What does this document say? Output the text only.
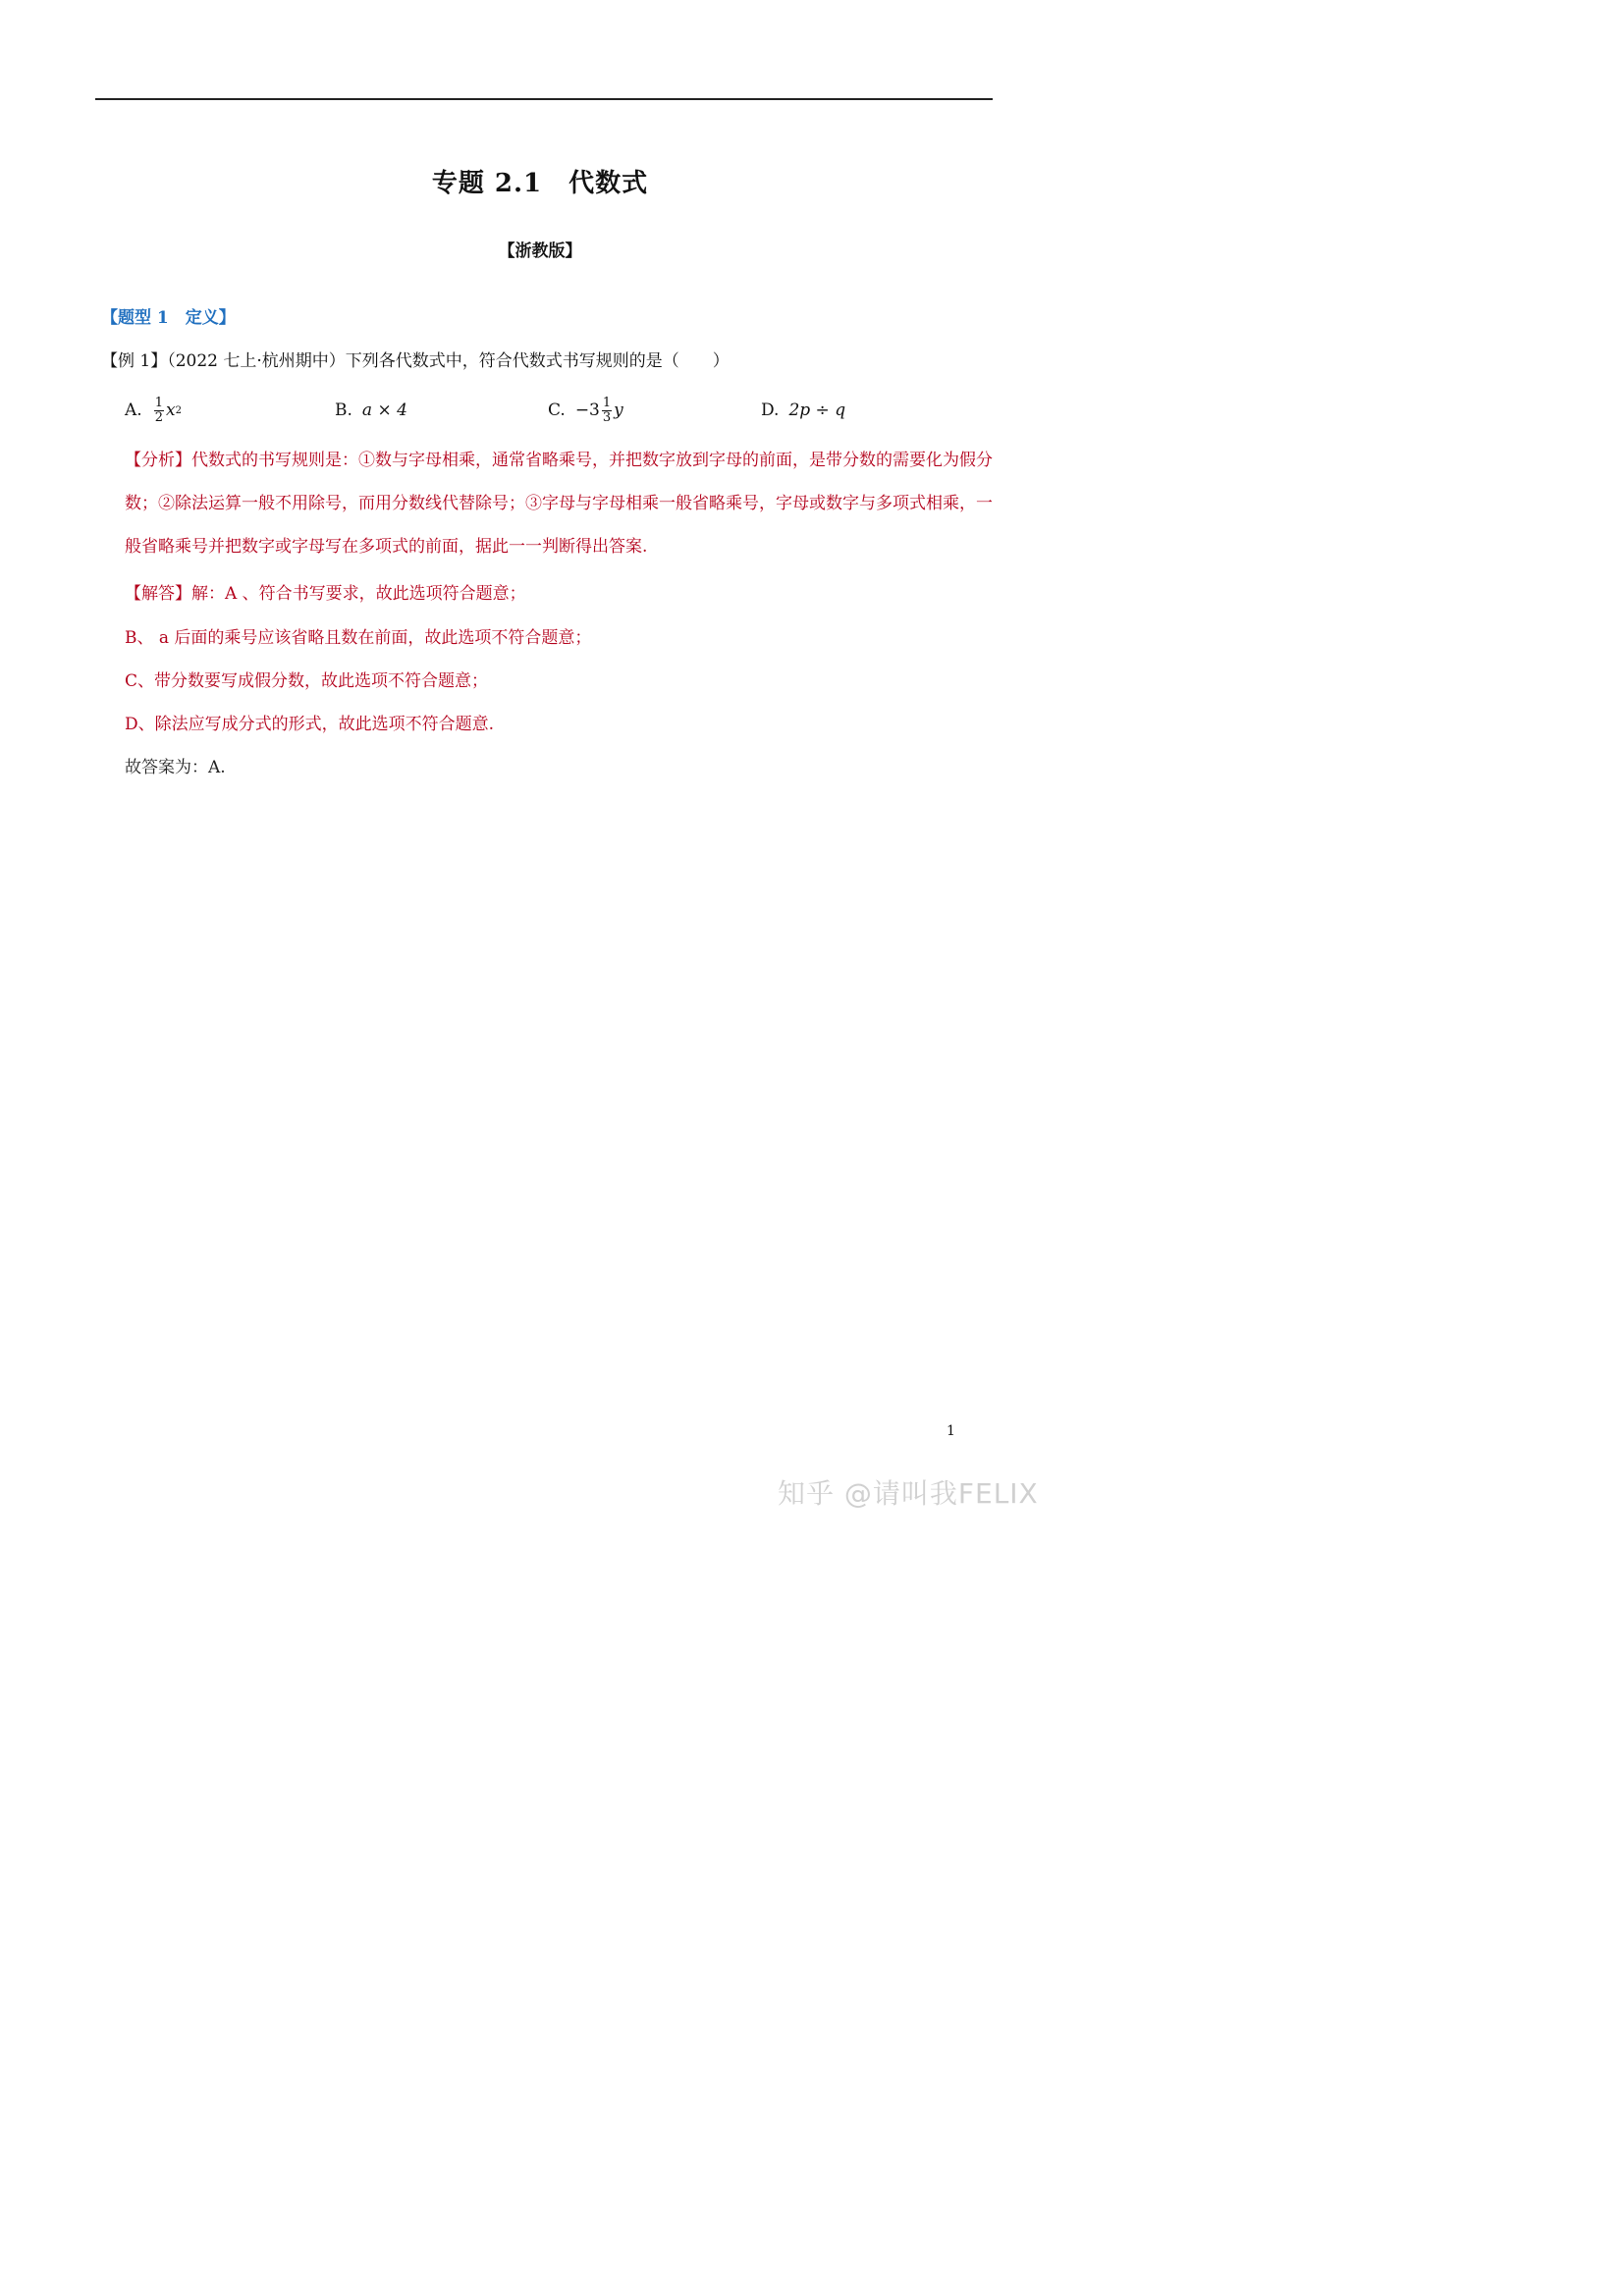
专题 2.1　代数式
【浙教版】
【题型 1　定义】
【例 1】（2022 七上·杭州期中）下列各代数式中，符合代数式书写规则的是（　　）
A. $\frac{1}{2}$ x 2	B. a × 4	C. $-3 \frac{1}{3}$ y	D. 2p ÷ q
【分析】代数式的书写规则是：①数与字母相乘，通常省略乘号，并把数字放到字母的前面，是带分数的需要化为假分数；②除法运算一般不用除号，而用分数线代替除号；③字母与字母相乘一般省略乘号，字母或数字与多项式相乘，一般省略乘号并把数字或字母写在多项式的前面，据此一一判断得出答案.
【解答】解：A 、符合书写要求，故此选项符合题意；
B、 a 后面的乘号应该省略且数在前面，故此选项不符合题意；
C、带分数要写成假分数，故此选项不符合题意；
D、除法应写成分式的形式，故此选项不符合题意.
故答案为：A.
1
知乎 @请叫我FELIX
